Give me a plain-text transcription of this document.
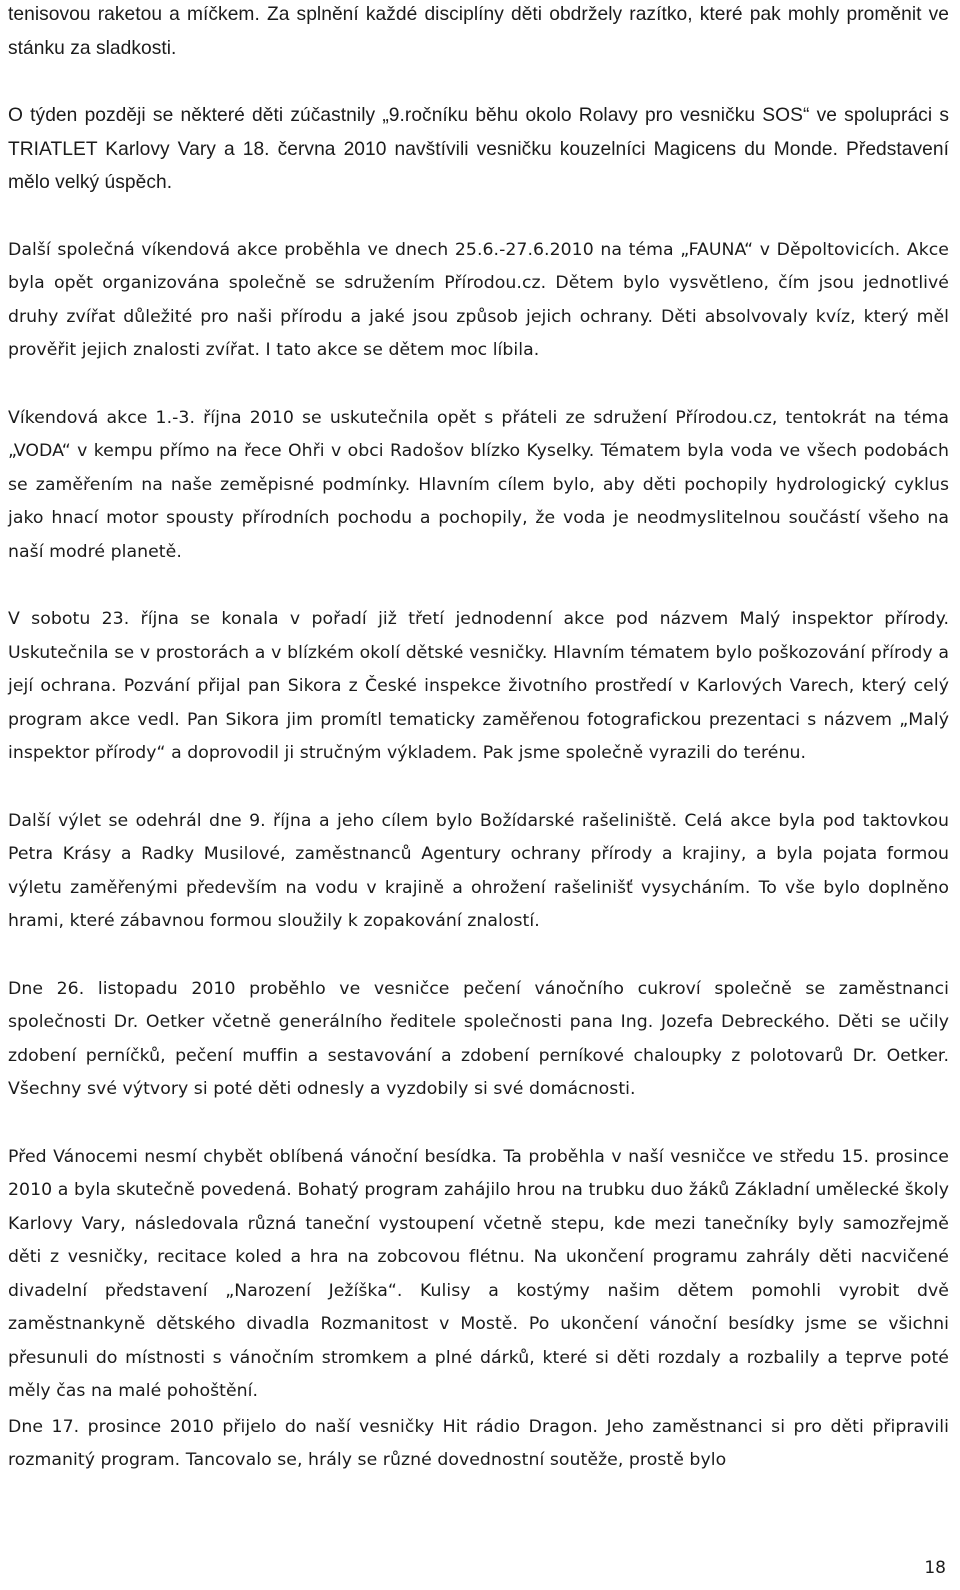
tenisovou raketou a míčkem. Za splnění každé disciplíny děti obdržely razítko, které pak mohly proměnit ve stánku za sladkosti.

O týden později se některé děti zúčastnily „9.ročníku běhu okolo Rolavy pro vesničku SOS“ ve spolupráci s TRIATLET Karlovy Vary a 18. června 2010 navštívili vesničku kouzelníci Magicens du Monde. Představení mělo velký úspěch.

Další společná víkendová akce proběhla ve dnech 25.6.-27.6.2010 na téma „FAUNA“ v Děpoltovicích. Akce byla opět organizována společně se sdružením Přírodou.cz. Dětem bylo vysvětleno, čím jsou jednotlivé druhy zvířat důležité pro naši přírodu a jaké jsou způsob jejich ochrany. Děti absolvovaly kvíz, který měl prověřit jejich znalosti zvířat. I tato akce se dětem moc líbila.

Víkendová akce 1.-3. října 2010 se uskutečnila opět s přáteli ze sdružení Přírodou.cz, tentokrát na téma „VODA“ v kempu přímo na řece Ohři v obci Radošov blízko Kyselky. Tématem byla voda ve všech podobách se zaměřením na naše zeměpisné podmínky. Hlavním cílem bylo, aby děti pochopily hydrologický cyklus jako hnací motor spousty přírodních pochodu a pochopily, že voda je neodmyslitelnou součástí všeho na naší modré planetě.

V sobotu 23. října se konala v pořadí již třetí jednodenní akce pod názvem Malý inspektor přírody. Uskutečnila se v prostorách a v blízkém okolí dětské vesničky. Hlavním tématem bylo poškozování přírody a její ochrana. Pozvání přijal pan Sikora z České inspekce životního prostředí v Karlových Varech, který celý program akce vedl. Pan Sikora jim promítl tematicky zaměřenou fotografickou prezentaci s názvem „Malý inspektor přírody“ a doprovodil ji stručným výkladem. Pak jsme společně vyrazili do terénu.

Další výlet se odehrál dne 9. října a jeho cílem bylo Božídarské rašeliniště. Celá akce byla pod taktovkou Petra Krásy a Radky Musilové, zaměstnanců Agentury ochrany přírody a krajiny, a byla pojata formou výletu zaměřenými především na vodu v krajině a ohrožení rašelinišť vysycháním. To vše bylo doplněno hrami, které zábavnou formou sloužily k zopakování znalostí.

Dne 26. listopadu 2010 proběhlo ve vesničce pečení vánočního cukroví společně se zaměstnanci společnosti Dr. Oetker včetně generálního ředitele společnosti pana Ing. Jozefa Debreckého. Děti se učily zdobení perníčků, pečení muffin a sestavování a zdobení perníkové chaloupky z polotovarů Dr. Oetker. Všechny své výtvory si poté děti odnesly a vyzdobily si své domácnosti.

Před Vánocemi nesmí chybět oblíbená vánoční besídka. Ta proběhla v naší vesničce ve středu 15. prosince 2010 a byla skutečně povedená. Bohatý program zahájilo hrou na trubku duo žáků Základní umělecké školy Karlovy Vary, následovala různá taneční vystoupení včetně stepu, kde mezi tanečníky byly samozřejmě děti z vesničky, recitace koled a hra na zobcovou flétnu. Na ukončení programu zahrály děti nacvičené divadelní představení „Narození Ježíška“. Kulisy a kostýmy našim dětem pomohli vyrobit dvě zaměstnankyně dětského divadla Rozmanitost v Mostě. Po ukončení vánoční besídky jsme se všichni přesunuli do místnosti s vánočním stromkem a plné dárků, které si děti rozdaly a rozbalily a teprve poté měly čas na malé pohoštění.

Dne 17. prosince 2010 přijelo do naší vesničky Hit rádio Dragon. Jeho zaměstnanci si pro děti připravili rozmanitý program. Tancovalo se, hrály se různé dovednostní soutěže, prostě bylo

18
